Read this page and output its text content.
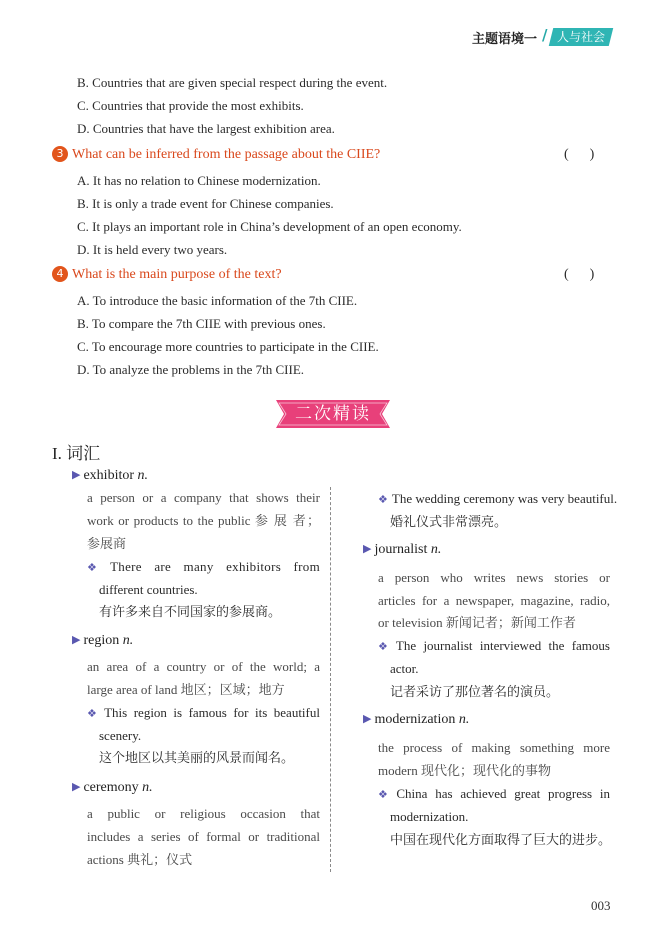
主题语境一 / 人与社会
B. Countries that are given special respect during the event.
C. Countries that provide the most exhibits.
D. Countries that have the largest exhibition area.
3 What can be inferred from the passage about the CIIE?	(      )
A. It has no relation to Chinese modernization.
B. It is only a trade event for Chinese companies.
C. It plays an important role in China’s development of an open economy.
D. It is held every two years.
4 What is the main purpose of the text?	(      )
A. To introduce the basic information of the 7th CIIE.
B. To compare the 7th CIIE with previous ones.
C. To encourage more countries to participate in the CIIE.
D. To analyze the problems in the 7th CIIE.
二次精读
I. 词汇
▶ exhibitor n.
a person or a company that shows their
work or products to the public 参 展 者；
参展商
❖ There are many exhibitors from
different countries.
有许多来自不同国家的参展商。
▶ region n.
an area of a country or of the world; a
large area of land 地区；区域；地方
❖ This region is famous for its beautiful
scenery.
这个地区以其美丽的风景而闻名。
▶ ceremony n.
a public or religious occasion that
includes a series of formal or traditional
actions 典礼；仪式
❖ The wedding ceremony was very beautiful.
婚礼仪式非常漂亮。
▶ journalist n.
a person who writes news stories or
articles for a newspaper, magazine, radio,
or television 新闻记者；新闻工作者
❖ The journalist interviewed the famous
actor.
记者采访了那位著名的演员。
▶ modernization n.
the process of making something more
modern 现代化；现代化的事物
❖ China has achieved great progress in
modernization.
中国在现代化方面取得了巨大的进步。
003
